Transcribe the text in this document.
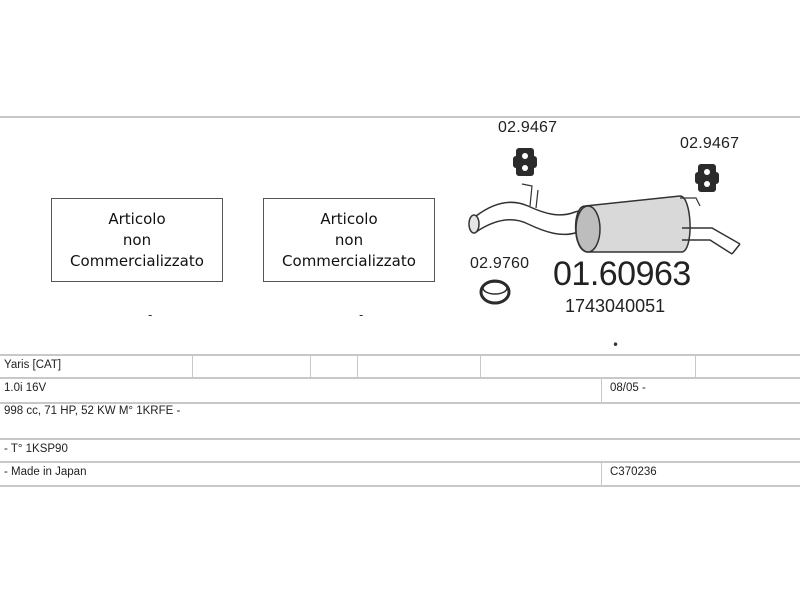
Articolo
non
Commercializzato
Articolo
non
Commercializzato
-	-
02.9467
02.9467
02.9760 01.60963
1743040051
•
Yaris [CAT]
1.0i 16V	08/05 -
998 cc, 71 HP, 52 KW M° 1KRFE -
- T° 1KSP90
- Made in Japan	C370236
